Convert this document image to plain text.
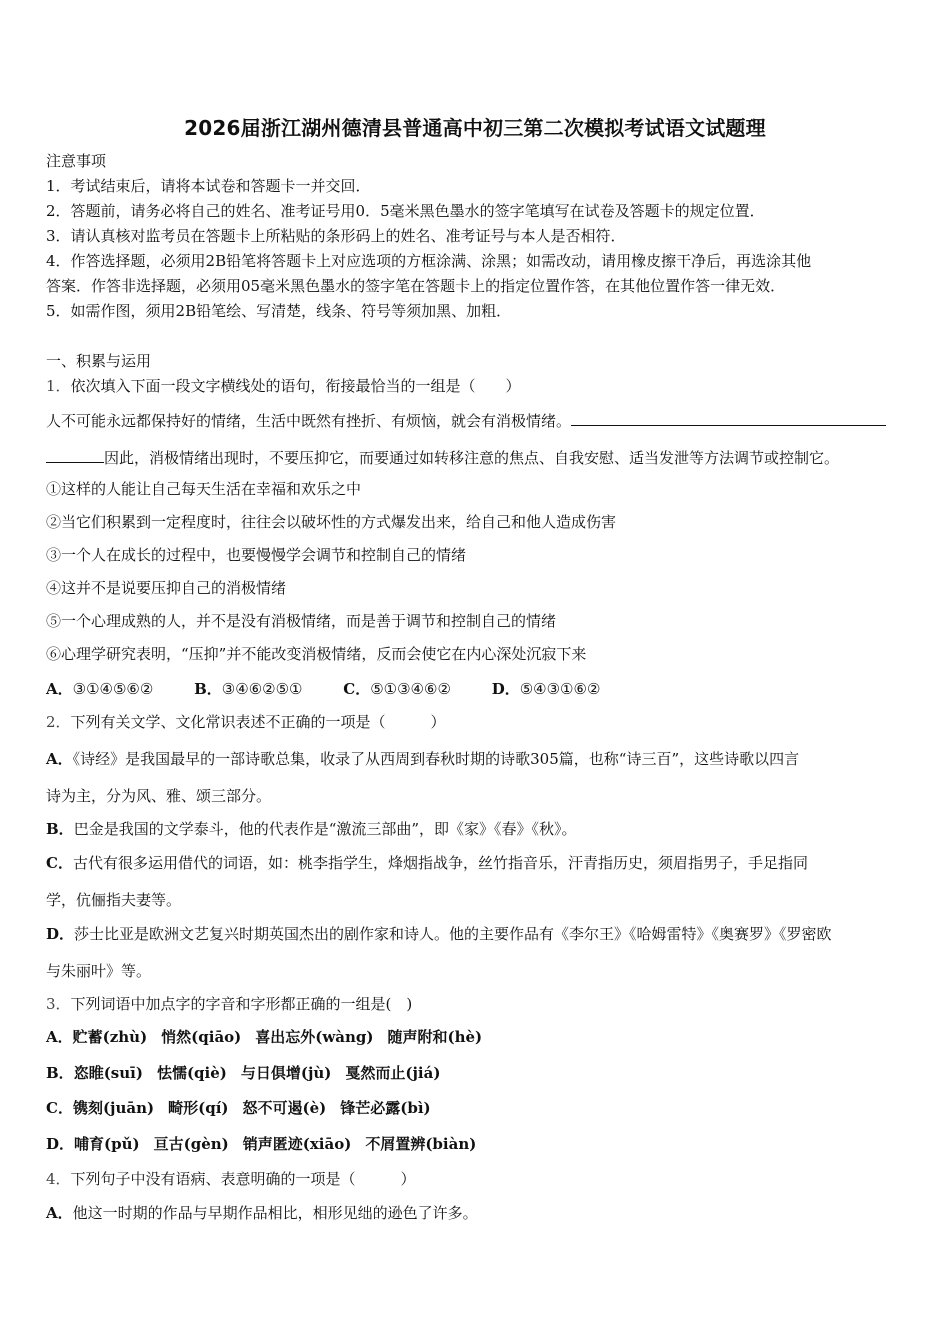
2026届浙江湖州德清县普通高中初三第二次模拟考试语文试题理
注意事项
1．考试结束后，请将本试卷和答题卡一并交回．
2．答题前，请务必将自己的姓名、准考证号用0．5毫米黑色墨水的签字笔填写在试卷及答题卡的规定位置．
3．请认真核对监考员在答题卡上所粘贴的条形码上的姓名、准考证号与本人是否相符．
4．作答选择题，必须用2B铅笔将答题卡上对应选项的方框涂满、涂黑；如需改动，请用橡皮擦干净后，再选涂其他
答案．作答非选择题，必须用05毫米黑色墨水的签字笔在答题卡上的指定位置作答，在其他位置作答一律无效．
5．如需作图，须用2B铅笔绘、写清楚，线条、符号等须加黑、加粗．
一、积累与运用
1．依次填入下面一段文字横线处的语句，衔接最恰当的一组是（　　）
人不可能永远都保持好的情绪，生活中既然有挫折、有烦恼，就会有消极情绪。
因此，消极情绪出现时，不要压抑它，而要通过如转移注意的焦点、自我安慰、适当发泄等方法调节或控制它。
①这样的人能让自己每天生活在幸福和欢乐之中
②当它们积累到一定程度时，往往会以破坏性的方式爆发出来，给自己和他人造成伤害
③一个人在成长的过程中，也要慢慢学会调节和控制自己的情绪
④这并不是说要压抑自己的消极情绪
⑤一个心理成熟的人，并不是没有消极情绪，而是善于调节和控制自己的情绪
⑥心理学研究表明，“压抑”并不能改变消极情绪，反而会使它在内心深处沉寂下来
A．③①④⑤⑥②	B．③④⑥②⑤①	C．⑤①③④⑥②	D．⑤④③①⑥②
2．下列有关文学、文化常识表述不正确的一项是（　　　）
A．《诗经》是我国最早的一部诗歌总集，收录了从西周到春秋时期的诗歌305篇，也称“诗三百”，这些诗歌以四言
诗为主，分为风、雅、颂三部分。
B．巴金是我国的文学泰斗，他的代表作是“激流三部曲”，即《家》《春》《秋》。
C．古代有很多运用借代的词语，如：桃李指学生，烽烟指战争，丝竹指音乐，汗青指历史，须眉指男子，手足指同
学，伉俪指夫妻等。
D．莎士比亚是欧洲文艺复兴时期英国杰出的剧作家和诗人。他的主要作品有《李尔王》《哈姆雷特》《奥赛罗》《罗密欧
与朱丽叶》等。
3．下列词语中加点字的字音和字形都正确的一组是(　)
A．贮蓄(zhù) 悄然(qiāo) 喜出忘外(wàng) 随声附和(hè)
B．恣睢(suī) 怯懦(qiè) 与日俱增(jù) 戛然而止(jiá)
C．镌刻(juān) 畸形(qí) 怒不可遏(è) 锋芒必露(bì)
D．哺育(pǔ) 亘古(gèn) 销声匿迹(xiāo) 不屑置辨(biàn)
4．下列句子中没有语病、表意明确的一项是（　　　）
A．他这一时期的作品与早期作品相比，相形见绌的逊色了许多。
